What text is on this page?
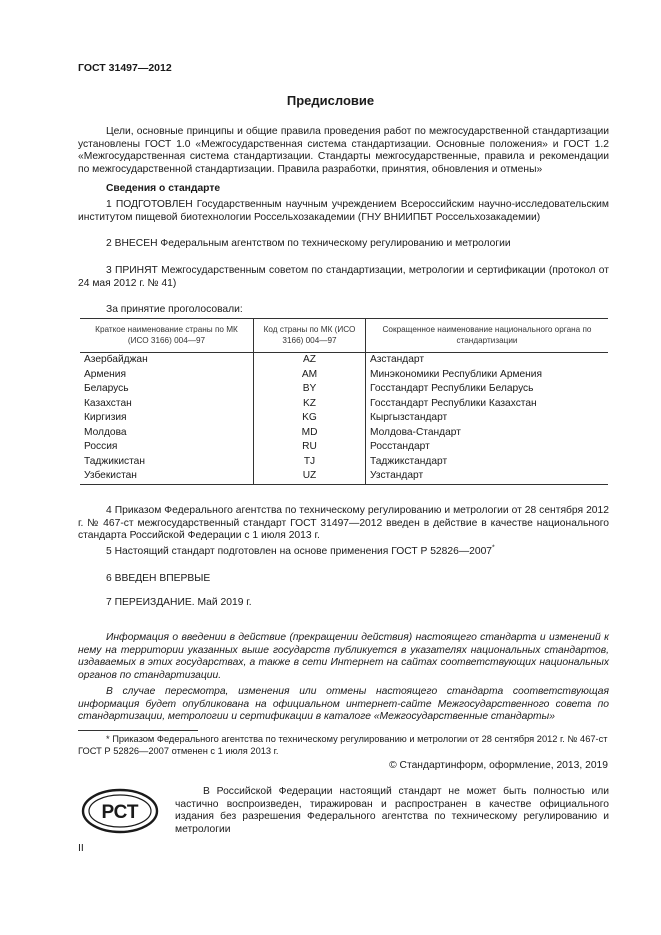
ГОСТ 31497—2012
Предисловие
Цели, основные принципы и общие правила проведения работ по межгосударственной стандартизации установлены ГОСТ 1.0 «Межгосударственная система стандартизации. Основные положения» и ГОСТ 1.2 «Межгосударственная система стандартизации. Стандарты межгосударственные, правила и рекомендации по межгосударственной стандартизации. Правила разработки, принятия, обновления и отмены»
Сведения о стандарте
1 ПОДГОТОВЛЕН Государственным научным учреждением Всероссийским научно-исследовательским институтом пищевой биотехнологии Россельхозакадемии (ГНУ ВНИИПБТ Россельхозакадемии)
2 ВНЕСЕН Федеральным агентством по техническому регулированию и метрологии
3 ПРИНЯТ Межгосударственным советом по стандартизации, метрологии и сертификации (протокол от 24 мая 2012 г. № 41)
За принятие проголосовали:
Краткое наименование страны по МК (ИСО 3166) 004—97	Код страны по МК (ИСО 3166) 004—97	Сокращенное наименование национального органа по стандартизации
Азербайджан	AZ	Азстандарт
Армения	AM	Минэкономики Республики Армения
Беларусь	BY	Госстандарт Республики Беларусь
Казахстан	KZ	Госстандарт Республики Казахстан
Киргизия	KG	Кыргызстандарт
Молдова	MD	Молдова-Стандарт
Россия	RU	Росстандарт
Таджикистан	TJ	Таджикстандарт
Узбекистан	UZ	Узстандарт
4 Приказом Федерального агентства по техническому регулированию и метрологии от 28 сентября 2012 г. № 467-ст межгосударственный стандарт ГОСТ 31497—2012 введен в действие в качестве национального стандарта Российской Федерации с 1 июля 2013 г.
5 Настоящий стандарт подготовлен на основе применения ГОСТ Р 52826—2007*
6 ВВЕДЕН ВПЕРВЫЕ
7 ПЕРЕИЗДАНИЕ. Май 2019 г.
Информация о введении в действие (прекращении действия) настоящего стандарта и изменений к нему на территории указанных выше государств публикуется в указателях национальных стандартов, издаваемых в этих государствах, а также в сети Интернет на сайтах соответствующих национальных органов по стандартизации.
В случае пересмотра, изменения или отмены настоящего стандарта соответствующая информация будет опубликована на официальном интернет-сайте Межгосударственного совета по стандартизации, метрологии и сертификации в каталоге «Межгосударственные стандарты»
* Приказом Федерального агентства по техническому регулированию и метрологии от 28 сентября 2012 г. № 467-ст ГОСТ Р 52826—2007 отменен с 1 июля 2013 г.
© Стандартинформ, оформление, 2013, 2019
РСТ
В Российской Федерации настоящий стандарт не может быть полностью или частично воспроизведен, тиражирован и распространен в качестве официального издания без разрешения Федерального агентства по техническому регулированию и метрологии
II
